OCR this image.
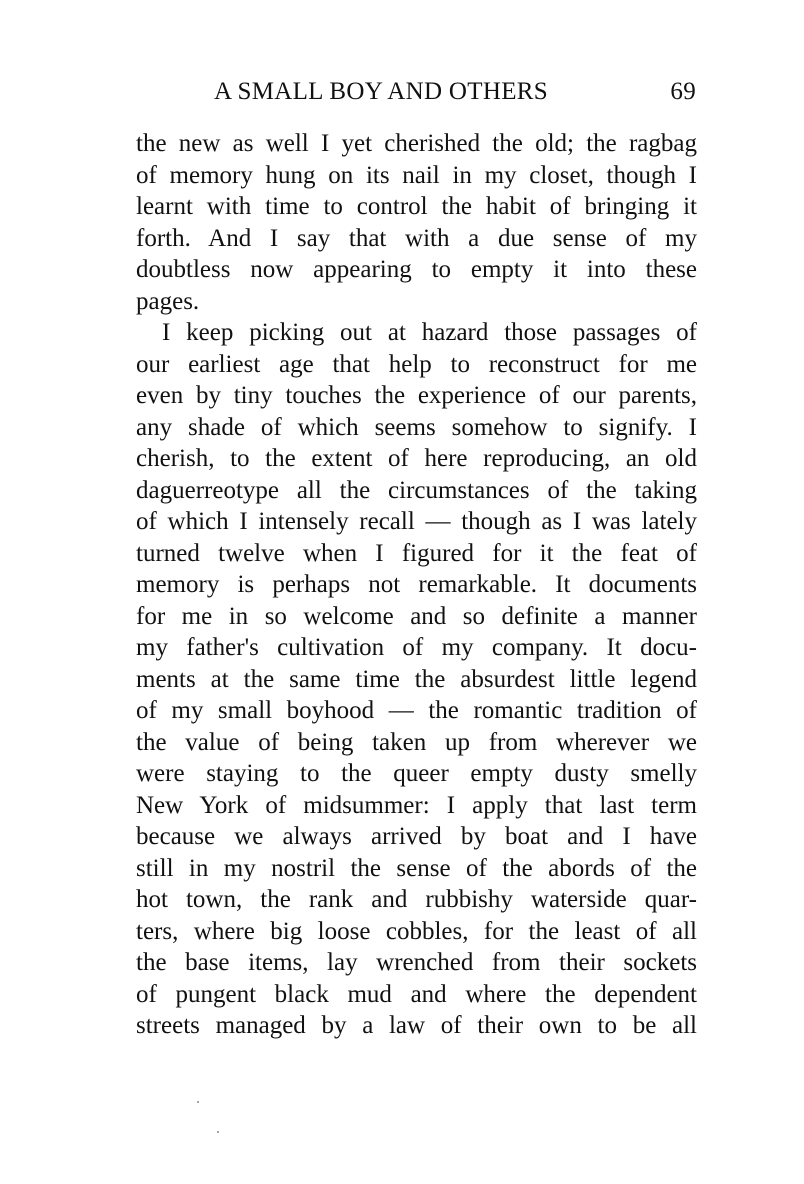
A SMALL BOY AND OTHERS	69
the new as well I yet cherished the old; the ragbag
of memory hung on its nail in my closet, though I
learnt with time to control the habit of bringing it
forth. And I say that with a due sense of my
doubtless now appearing to empty it into these
pages.
I keep picking out at hazard those passages of
our earliest age that help to reconstruct for me
even by tiny touches the experience of our parents,
any shade of which seems somehow to signify. I
cherish, to the extent of here reproducing, an old
daguerreotype all the circumstances of the taking
of which I intensely recall — though as I was lately
turned twelve when I figured for it the feat of
memory is perhaps not remarkable. It documents
for me in so welcome and so definite a manner
my father's cultivation of my company. It docu-
ments at the same time the absurdest little legend
of my small boyhood — the romantic tradition of
the value of being taken up from wherever we
were staying to the queer empty dusty smelly
New York of midsummer: I apply that last term
because we always arrived by boat and I have
still in my nostril the sense of the abords of the
hot town, the rank and rubbishy waterside quar-
ters, where big loose cobbles, for the least of all
the base items, lay wrenched from their sockets
of pungent black mud and where the dependent
streets managed by a law of their own to be all
